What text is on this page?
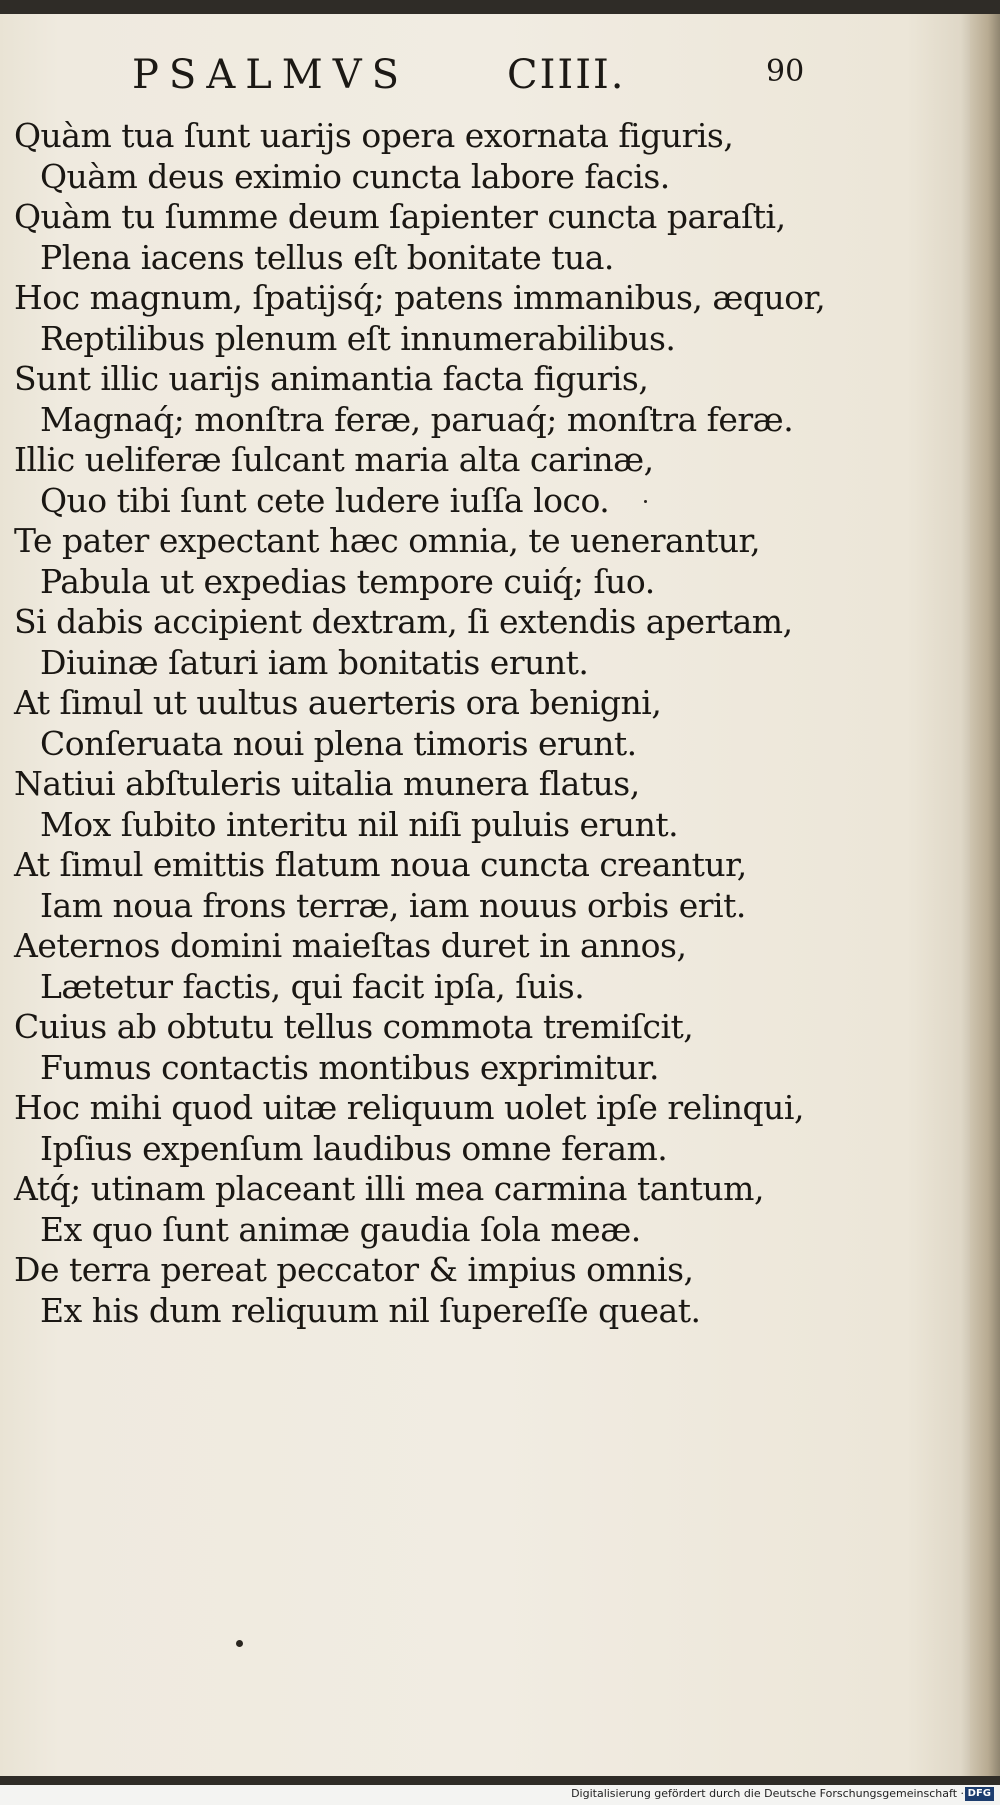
PSALMVS CIIII.	90
Quàm tua ſunt uarijs opera exornata figuris,
Quàm deus eximio cuncta labore facis.
Quàm tu ſumme deum ſapienter cuncta paraſti,
Plena iacens tellus eſt bonitate tua.
Hoc magnum, ſpatijsq́; patens immanibus, æquor,
Reptilibus plenum eſt innumerabilibus.
Sunt illic uarijs animantia facta figuris,
Magnaq́; monſtra feræ, paruaq́; monſtra feræ.
Illic ueliferæ ſulcant maria alta carinæ,
Quo tibi ſunt cete ludere iuſſa loco.
Te pater expectant hæc omnia, te uenerantur,
Pabula ut expedias tempore cuiq́; ſuo.
Si dabis accipient dextram, ſi extendis apertam,
Diuinæ ſaturi iam bonitatis erunt.
At ſimul ut uultus auerteris ora benigni,
Conſeruata noui plena timoris erunt.
Natiui abſtuleris uitalia munera flatus,
Mox ſubito interitu nil niſi puluis erunt.
At ſimul emittis flatum noua cuncta creantur,
Iam noua frons terræ, iam nouus orbis erit.
Aeternos domini maieſtas duret in annos,
Lætetur factis, qui facit ipſa, ſuis.
Cuius ab obtutu tellus commota tremiſcit,
Fumus contactis montibus exprimitur.
Hoc mihi quod uitæ reliquum uolet ipſe relinqui,
Ipſius expenſum laudibus omne feram.
Atq́; utinam placeant illi mea carmina tantum,
Ex quo ſunt animæ gaudia ſola meæ.
De terra pereat peccator & impius omnis,
Ex his dum reliquum nil ſupereſſe queat.
Digitalisierung gefördert durch die Deutsche Forschungsgemeinschaft · DFG
